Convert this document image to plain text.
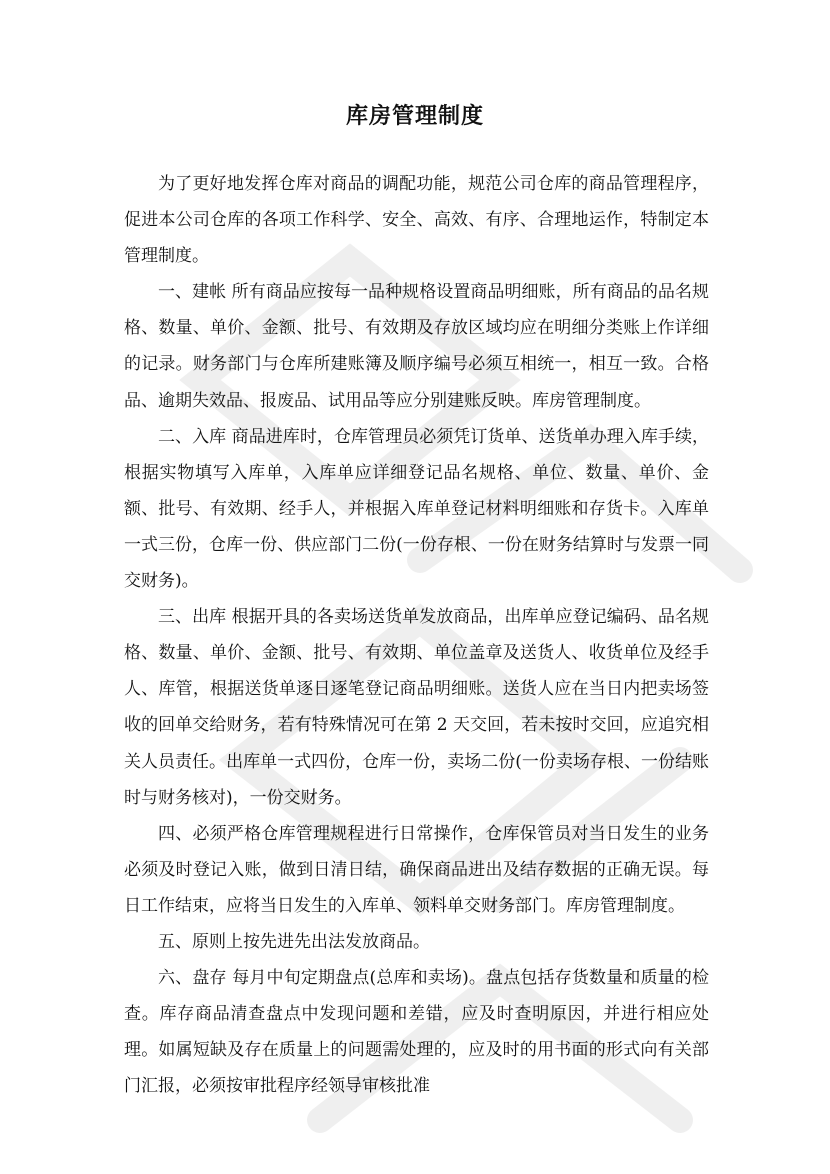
库房管理制度

为了更好地发挥仓库对商品的调配功能，规范公司仓库的商品管理程序，促进本公司仓库的各项工作科学、安全、高效、有序、合理地运作，特制定本管理制度。

一、建帐 所有商品应按每一品种规格设置商品明细账，所有商品的品名规格、数量、单价、金额、批号、有效期及存放区域均应在明细分类账上作详细的记录。财务部门与仓库所建账簿及顺序编号必须互相统一，相互一致。合格品、逾期失效品、报废品、试用品等应分别建账反映。库房管理制度。

二、入库 商品进库时，仓库管理员必须凭订货单、送货单办理入库手续，根据实物填写入库单，入库单应详细登记品名规格、单位、数量、单价、金额、批号、有效期、经手人，并根据入库单登记材料明细账和存货卡。入库单一式三份，仓库一份、供应部门二份(一份存根、一份在财务结算时与发票一同交财务)。

三、出库 根据开具的各卖场送货单发放商品，出库单应登记编码、品名规格、数量、单价、金额、批号、有效期、单位盖章及送货人、收货单位及经手人、库管，根据送货单逐日逐笔登记商品明细账。送货人应在当日内把卖场签收的回单交给财务，若有特殊情况可在第 2 天交回，若未按时交回，应追究相关人员责任。出库单一式四份，仓库一份，卖场二份(一份卖场存根、一份结账时与财务核对)，一份交财务。

四、必须严格仓库管理规程进行日常操作，仓库保管员对当日发生的业务必须及时登记入账，做到日清日结，确保商品进出及结存数据的正确无误。每日工作结束，应将当日发生的入库单、领料单交财务部门。库房管理制度。

五、原则上按先进先出法发放商品。

六、盘存 每月中旬定期盘点(总库和卖场)。盘点包括存货数量和质量的检查。库存商品清查盘点中发现问题和差错，应及时查明原因，并进行相应处理。如属短缺及存在质量上的问题需处理的，应及时的用书面的形式向有关部门汇报，必须按审批程序经领导审核批准
